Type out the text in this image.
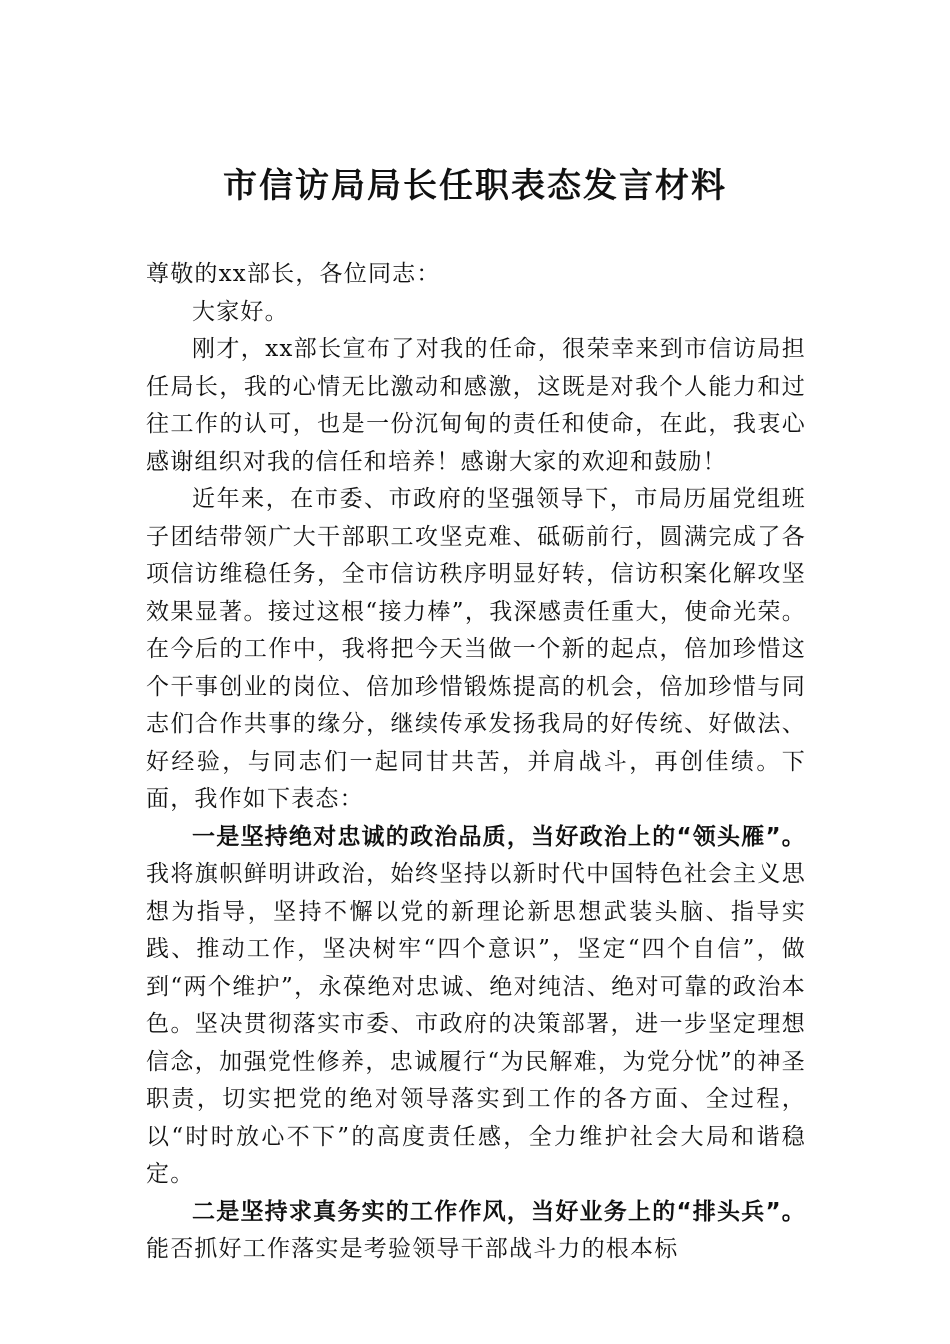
市信访局局长任职表态发言材料

尊敬的xx部长，各位同志：

大家好。

刚才，xx部长宣布了对我的任命，很荣幸来到市信访局担任局长，我的心情无比激动和感激，这既是对我个人能力和过往工作的认可，也是一份沉甸甸的责任和使命，在此，我衷心感谢组织对我的信任和培养！感谢大家的欢迎和鼓励！

近年来，在市委、市政府的坚强领导下，市局历届党组班子团结带领广大干部职工攻坚克难、砥砺前行，圆满完成了各项信访维稳任务，全市信访秩序明显好转，信访积案化解攻坚效果显著。接过这根“接力棒”，我深感责任重大，使命光荣。在今后的工作中，我将把今天当做一个新的起点，倍加珍惜这个干事创业的岗位、倍加珍惜锻炼提高的机会，倍加珍惜与同志们合作共事的缘分，继续传承发扬我局的好传统、好做法、好经验，与同志们一起同甘共苦，并肩战斗，再创佳绩。下面，我作如下表态：

一是坚持绝对忠诚的政治品质，当好政治上的“领头雁”。我将旗帜鲜明讲政治，始终坚持以新时代中国特色社会主义思想为指导，坚持不懈以党的新理论新思想武装头脑、指导实践、推动工作，坚决树牢“四个意识”，坚定“四个自信”，做到“两个维护”，永葆绝对忠诚、绝对纯洁、绝对可靠的政治本色。坚决贯彻落实市委、市政府的决策部署，进一步坚定理想信念，加强党性修养，忠诚履行“为民解难，为党分忧”的神圣职责，切实把党的绝对领导落实到工作的各方面、全过程，以“时时放心不下”的高度责任感，全力维护社会大局和谐稳定。

二是坚持求真务实的工作作风，当好业务上的“排头兵”。能否抓好工作落实是考验领导干部战斗力的根本标
